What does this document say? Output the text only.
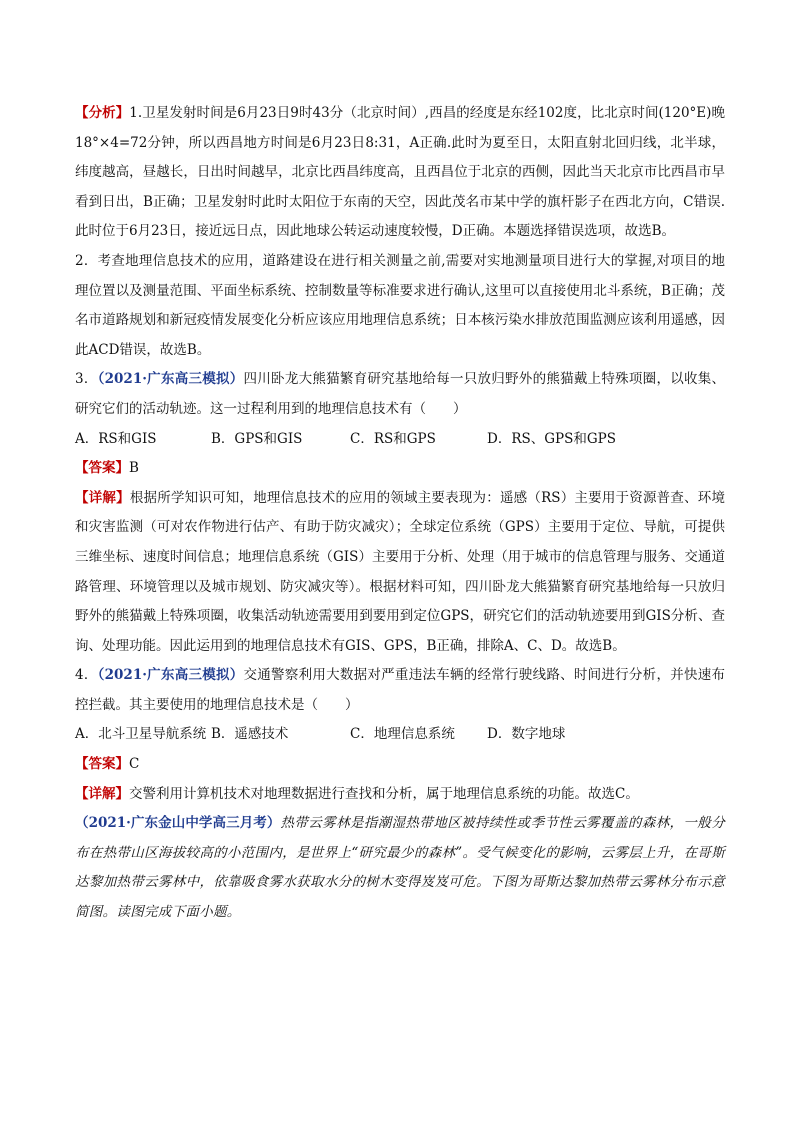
【分析】1.卫星发射时间是6月23日9时43分（北京时间）,西昌的经度是东经102度，比北京时间(120°E)晚18°×4=72分钟，所以西昌地方时间是6月23日8:31，A正确.此时为夏至日，太阳直射北回归线，北半球，纬度越高，昼越长，日出时间越早，北京比西昌纬度高，且西昌位于北京的西侧，因此当天北京市比西昌市早看到日出，B正确；卫星发射时此时太阳位于东南的天空，因此茂名市某中学的旗杆影子在西北方向，C错误.此时位于6月23日，接近远日点，因此地球公转运动速度较慢，D正确。本题选择错误选项，故选B。

2．考查地理信息技术的应用，道路建设在进行相关测量之前,需要对实地测量项目进行大的掌握,对项目的地理位置以及测量范围、平面坐标系统、控制数量等标准要求进行确认,这里可以直接使用北斗系统，B正确；茂名市道路规划和新冠疫情发展变化分析应该应用地理信息系统；日本核污染水排放范围监测应该利用遥感，因此ACD错误，故选B。

3．（2021·广东高三模拟）四川卧龙大熊猫繁育研究基地给每一只放归野外的熊猫戴上特殊项圈，以收集、研究它们的活动轨迹。这一过程利用到的地理信息技术有（　　）

A．RS和GIS	B．GPS和GIS	C．RS和GPS	D．RS、GPS和GPS

【答案】B

【详解】根据所学知识可知，地理信息技术的应用的领域主要表现为：遥感（RS）主要用于资源普查、环境和灾害监测（可对农作物进行估产、有助于防灾减灾）；全球定位系统（GPS）主要用于定位、导航，可提供三维坐标、速度时间信息；地理信息系统（GIS）主要用于分析、处理（用于城市的信息管理与服务、交通道路管理、环境管理以及城市规划、防灾减灾等）。根据材料可知，四川卧龙大熊猫繁育研究基地给每一只放归野外的熊猫戴上特殊项圈，收集活动轨迹需要用到要用到定位GPS，研究它们的活动轨迹要用到GIS分析、查询、处理功能。因此运用到的地理信息技术有GIS、GPS，B正确，排除A、C、D。故选B。

4．（2021·广东高三模拟）交通警察利用大数据对严重违法车辆的经常行驶线路、时间进行分析，并快速布控拦截。其主要使用的地理信息技术是（　　）

A．北斗卫星导航系统 B．遥感技术	C．地理信息系统	D．数字地球

【答案】C

【详解】交警利用计算机技术对地理数据进行查找和分析，属于地理信息系统的功能。故选C。

（2021·广东金山中学高三月考）热带云雾林是指潮湿热带地区被持续性或季节性云雾覆盖的森林，一般分布在热带山区海拔较高的小范围内，是世界上“研究最少的森林”。受气候变化的影响，云雾层上升，在哥斯达黎加热带云雾林中，依靠吸食雾水获取水分的树木变得岌岌可危。下图为哥斯达黎加热带云雾林分布示意简图。读图完成下面小题。
